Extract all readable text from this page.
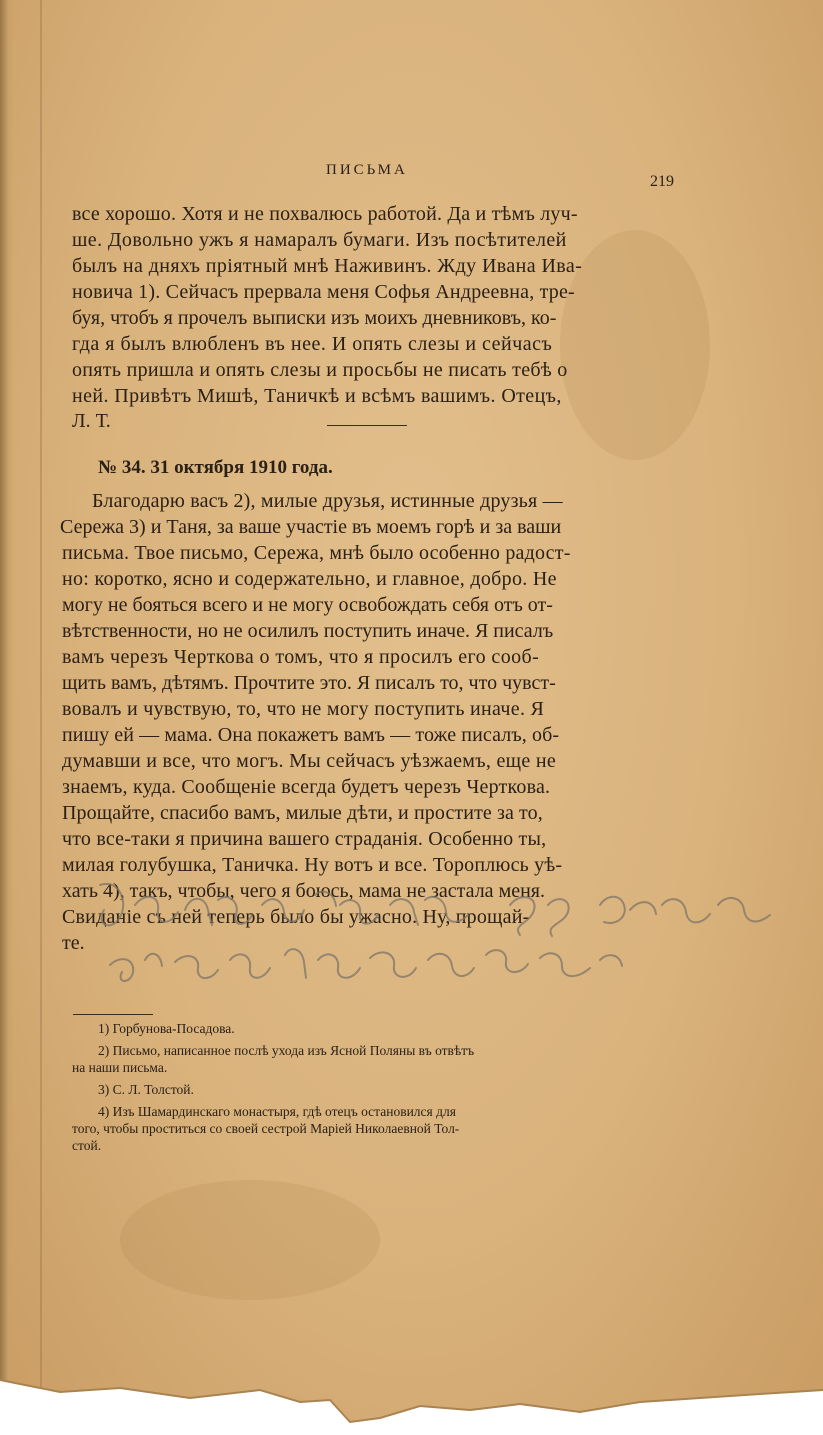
ПИСЬМА
219
все хорошо. Хотя и не похвалюсь работой. Да и тѣмъ луч-
ше. Довольно ужъ я намаралъ бумаги. Изъ посѣтителей
былъ на дняхъ пріятный мнѣ Наживинъ. Жду Ивана Ива-
новича 1). Сейчасъ прервала меня Софья Андреевна, тре-
буя, чтобъ я прочелъ выписки изъ моихъ дневниковъ, ко-
гда я былъ влюбленъ въ нее. И опять слезы и сейчасъ
опять пришла и опять слезы и просьбы не писать тебѣ о
ней. Привѣтъ Мишѣ, Таничкѣ и всѣмъ вашимъ. Отецъ,
Л. Т.
№ 34. 31 октября 1910 года.
Благодарю васъ 2), милые друзья, истинные друзья —
Сережа 3) и Таня, за ваше участіе въ моемъ горѣ и за ваши
письма. Твое письмо, Сережа, мнѣ было особенно радост-
но: коротко, ясно и содержательно, и главное, добро. Не
могу не бояться всего и не могу освобождать себя отъ от-
вѣтственности, но не осилилъ поступить иначе. Я писалъ
вамъ черезъ Черткова о томъ, что я просилъ его сооб-
щить вамъ, дѣтямъ. Прочтите это. Я писалъ то, что чувст-
вовалъ и чувствую, то, что не могу поступить иначе. Я
пишу ей — мама. Она покажетъ вамъ — тоже писалъ, об-
думавши и все, что могъ. Мы сейчасъ уѣзжаемъ, еще не
знаемъ, куда. Сообщеніе всегда будетъ черезъ Черткова.
Прощайте, спасибо вамъ, милые дѣти, и простите за то,
что все-таки я причина вашего страданія. Особенно ты,
милая голубушка, Таничка. Ну вотъ и все. Тороплюсь уѣ-
хать 4), такъ, чтобы, чего я боюсь, мама не застала меня.
Свиданіе съ ней теперь было бы ужасно. Ну, прощай-
те.
1) Горбунова-Посадова.
2) Письмо, написанное послѣ ухода изъ Ясной Поляны въ отвѣтъ
на наши письма.
3) С. Л. Толстой.
4) Изъ Шамардинскаго монастыря, гдѣ отецъ остановился для
того, чтобы проститься со своей сестрой Маріей Николаевной Тол-
стой.
